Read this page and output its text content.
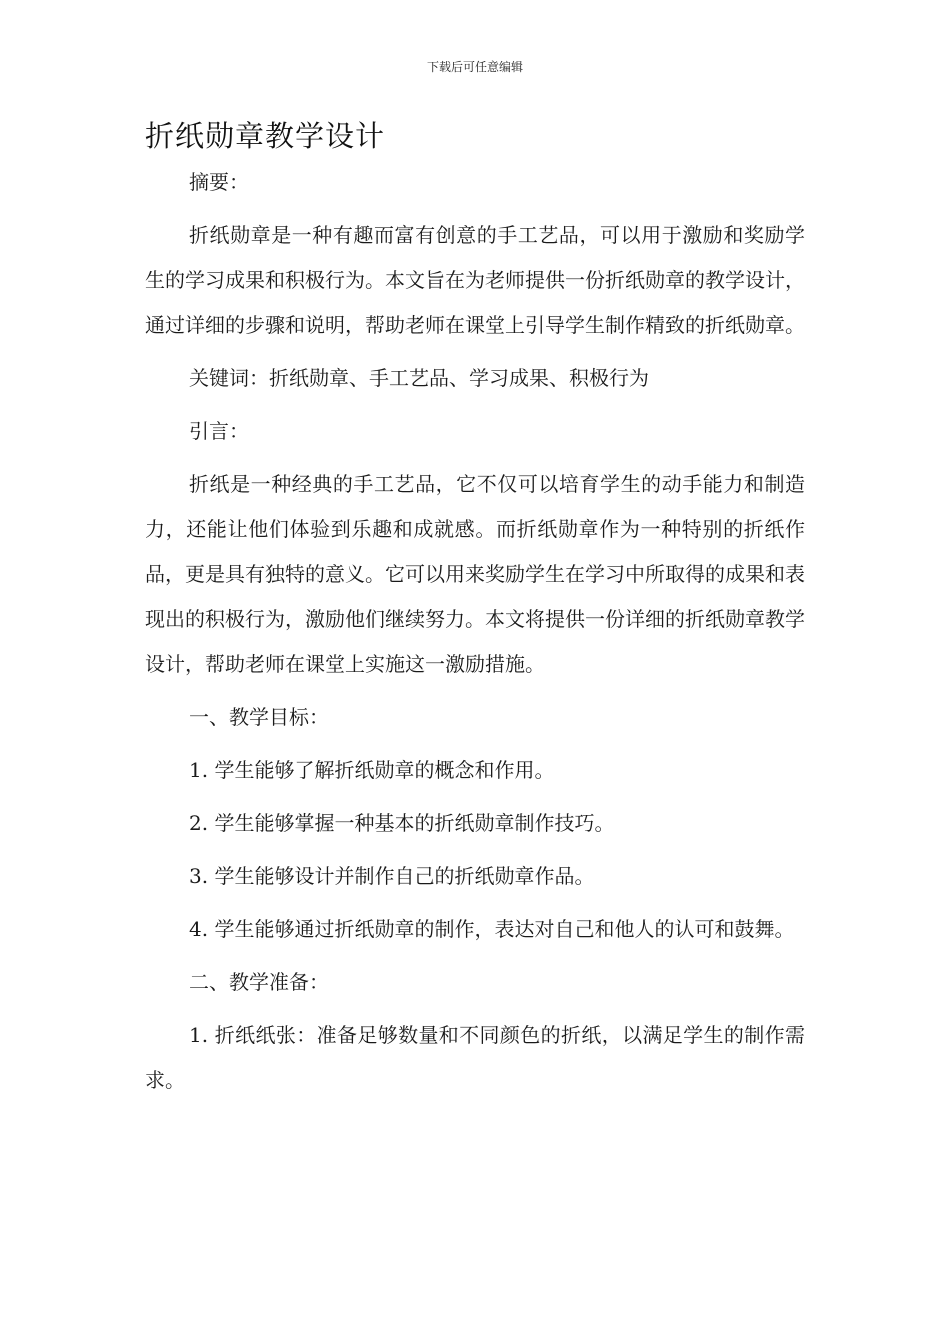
下载后可任意编辑
折纸勋章教学设计

摘要：

折纸勋章是一种有趣而富有创意的手工艺品，可以用于激励和奖励学生的学习成果和积极行为。本文旨在为老师提供一份折纸勋章的教学设计，通过详细的步骤和说明，帮助老师在课堂上引导学生制作精致的折纸勋章。

关键词：折纸勋章、手工艺品、学习成果、积极行为

引言：

折纸是一种经典的手工艺品，它不仅可以培育学生的动手能力和制造力，还能让他们体验到乐趣和成就感。而折纸勋章作为一种特别的折纸作品，更是具有独特的意义。它可以用来奖励学生在学习中所取得的成果和表现出的积极行为，激励他们继续努力。本文将提供一份详细的折纸勋章教学设计，帮助老师在课堂上实施这一激励措施。

一、教学目标：

1. 学生能够了解折纸勋章的概念和作用。

2. 学生能够掌握一种基本的折纸勋章制作技巧。

3. 学生能够设计并制作自己的折纸勋章作品。

4. 学生能够通过折纸勋章的制作，表达对自己和他人的认可和鼓舞。

二、教学准备：

1. 折纸纸张：准备足够数量和不同颜色的折纸，以满足学生的制作需求。
